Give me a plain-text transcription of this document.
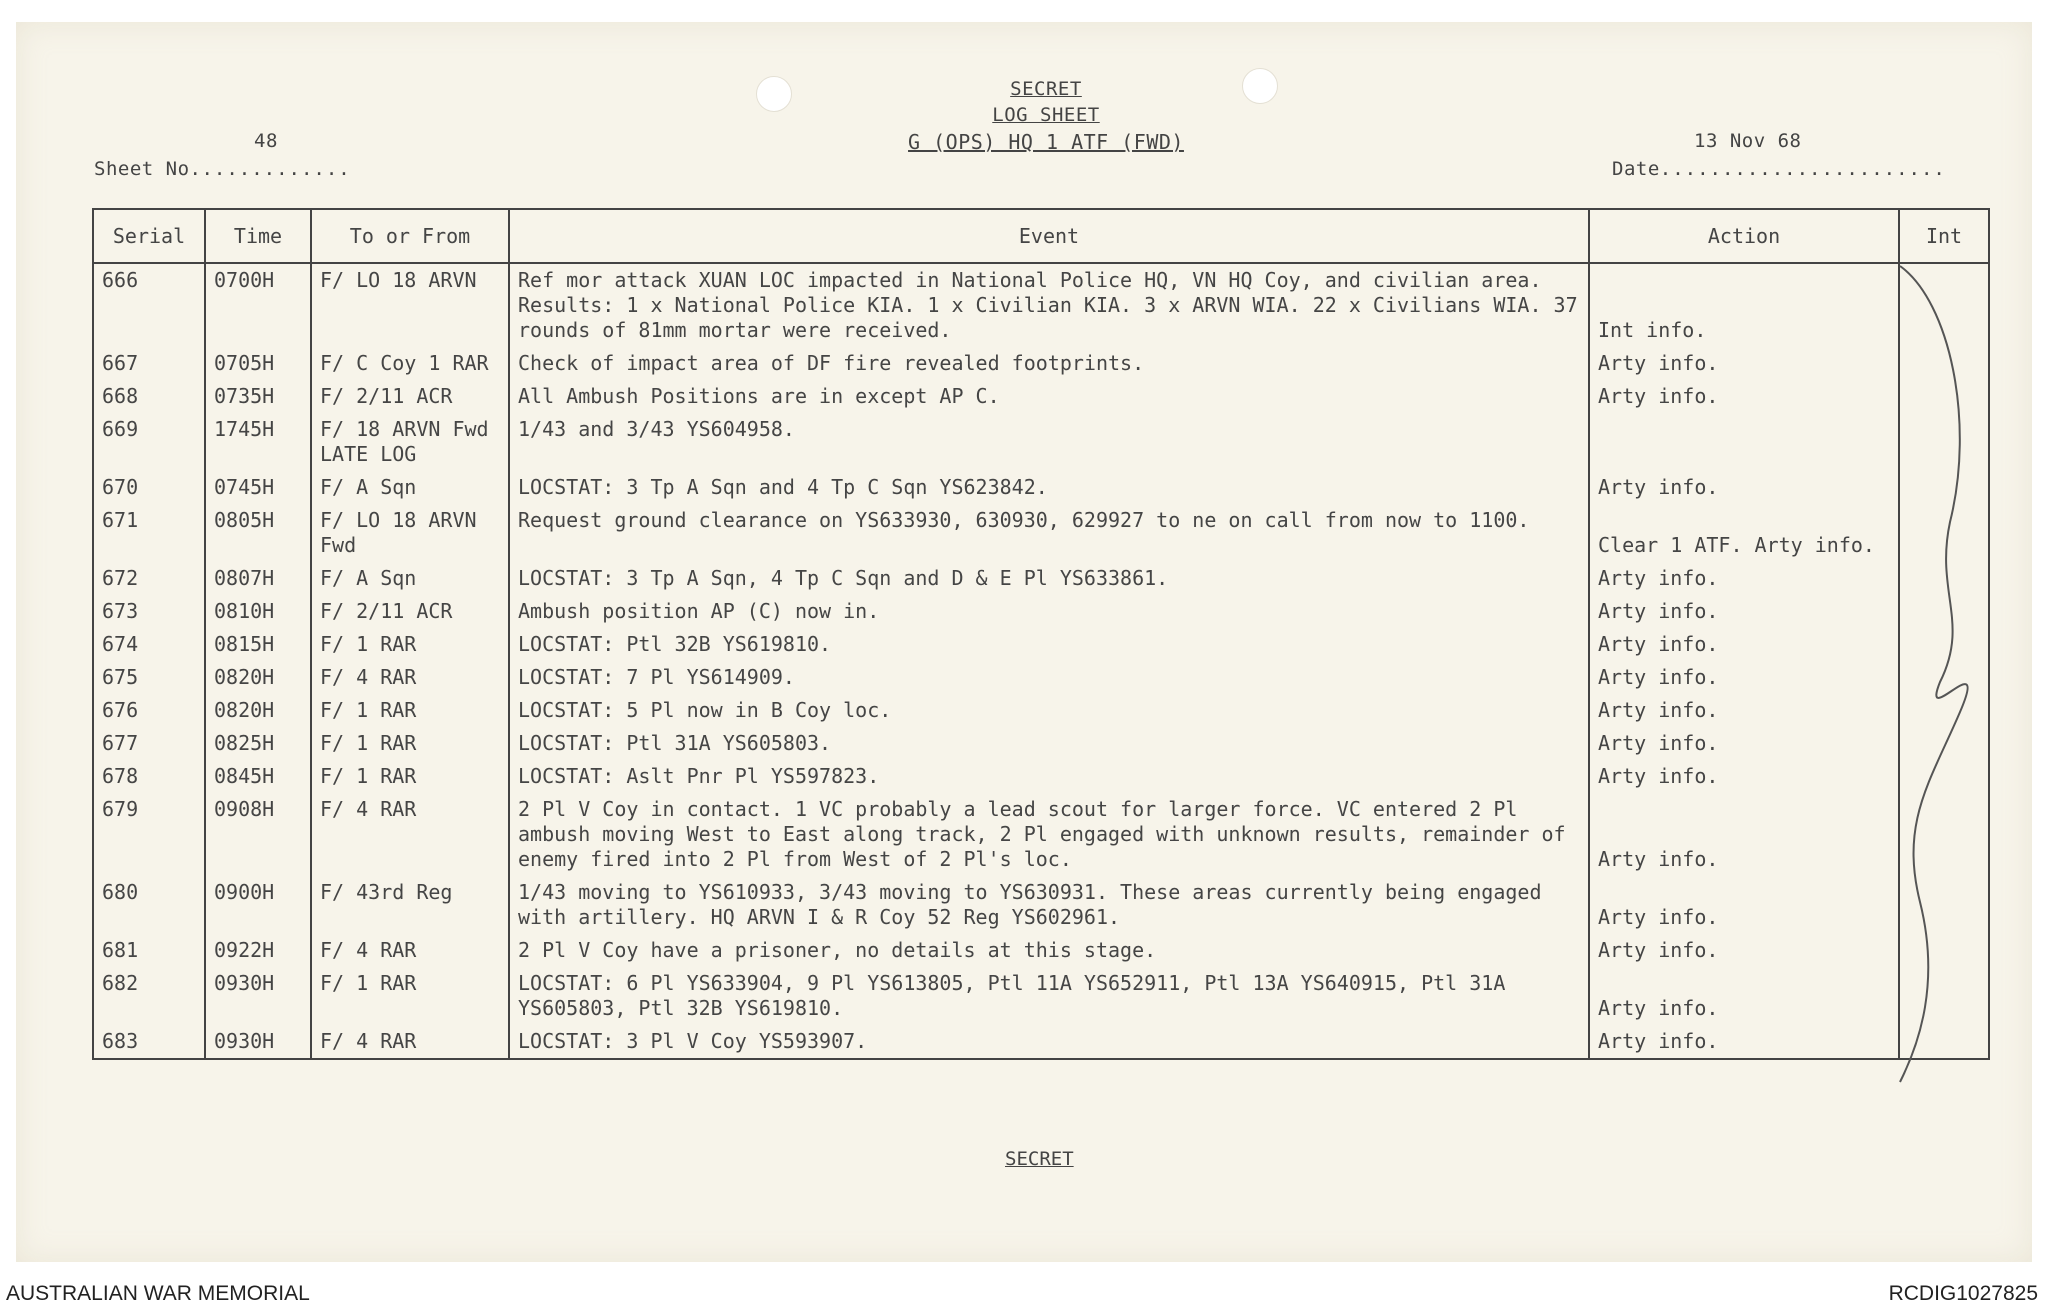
SECRET
LOG SHEET
G (OPS) HQ 1 ATF (FWD)
48
Sheet No.............
13 Nov 68
Date.......................
Serial	Time	To or From	Event	Action	Int
666	0700H	F/ LO 18 ARVN	Ref mor attack XUAN LOC impacted in National Police HQ, VN HQ Coy, and civilian area. Results: 1 x National Police KIA. 1 x Civilian KIA. 3 x ARVN WIA. 22 x Civilians WIA. 37 rounds of 81mm mortar were received.	Int info.	
667	0705H	F/ C Coy 1 RAR	Check of impact area of DF fire revealed footprints.	Arty info.	
668	0735H	F/ 2/11 ACR	All Ambush Positions are in except AP C.	Arty info.	
669	1745H	F/ 18 ARVN Fwd LATE LOG	1/43 and 3/43 YS604958.		
670	0745H	F/ A Sqn	LOCSTAT: 3 Tp A Sqn and 4 Tp C Sqn YS623842.	Arty info.	
671	0805H	F/ LO 18 ARVN Fwd	Request ground clearance on YS633930, 630930, 629927 to ne on call from now to 1100.	Clear 1 ATF. Arty info.	
672	0807H	F/ A Sqn	LOCSTAT: 3 Tp A Sqn, 4 Tp C Sqn and D & E Pl YS633861.	Arty info.	
673	0810H	F/ 2/11 ACR	Ambush position AP (C) now in.	Arty info.	
674	0815H	F/ 1 RAR	LOCSTAT: Ptl 32B YS619810.	Arty info.	
675	0820H	F/ 4 RAR	LOCSTAT: 7 Pl YS614909.	Arty info.	
676	0820H	F/ 1 RAR	LOCSTAT: 5 Pl now in B Coy loc.	Arty info.	
677	0825H	F/ 1 RAR	LOCSTAT: Ptl 31A YS605803.	Arty info.	
678	0845H	F/ 1 RAR	LOCSTAT: Aslt Pnr Pl YS597823.	Arty info.	
679	0908H	F/ 4 RAR	2 Pl V Coy in contact. 1 VC probably a lead scout for larger force. VC entered 2 Pl ambush moving West to East along track, 2 Pl engaged with unknown results, remainder of enemy fired into 2 Pl from West of 2 Pl's loc.	Arty info.	
680	0900H	F/ 43rd Reg	1/43 moving to YS610933, 3/43 moving to YS630931. These areas currently being engaged with artillery. HQ ARVN I & R Coy 52 Reg YS602961.	Arty info.	
681	0922H	F/ 4 RAR	2 Pl V Coy have a prisoner, no details at this stage.	Arty info.	
682	0930H	F/ 1 RAR	LOCSTAT: 6 Pl YS633904, 9 Pl YS613805, Ptl 11A YS652911, Ptl 13A YS640915, Ptl 31A YS605803, Ptl 32B YS619810.	Arty info.	
683	0930H	F/ 4 RAR	LOCSTAT: 3 Pl V Coy YS593907.	Arty info.	
SECRET
AUSTRALIAN WAR MEMORIAL	RCDIG1027825
